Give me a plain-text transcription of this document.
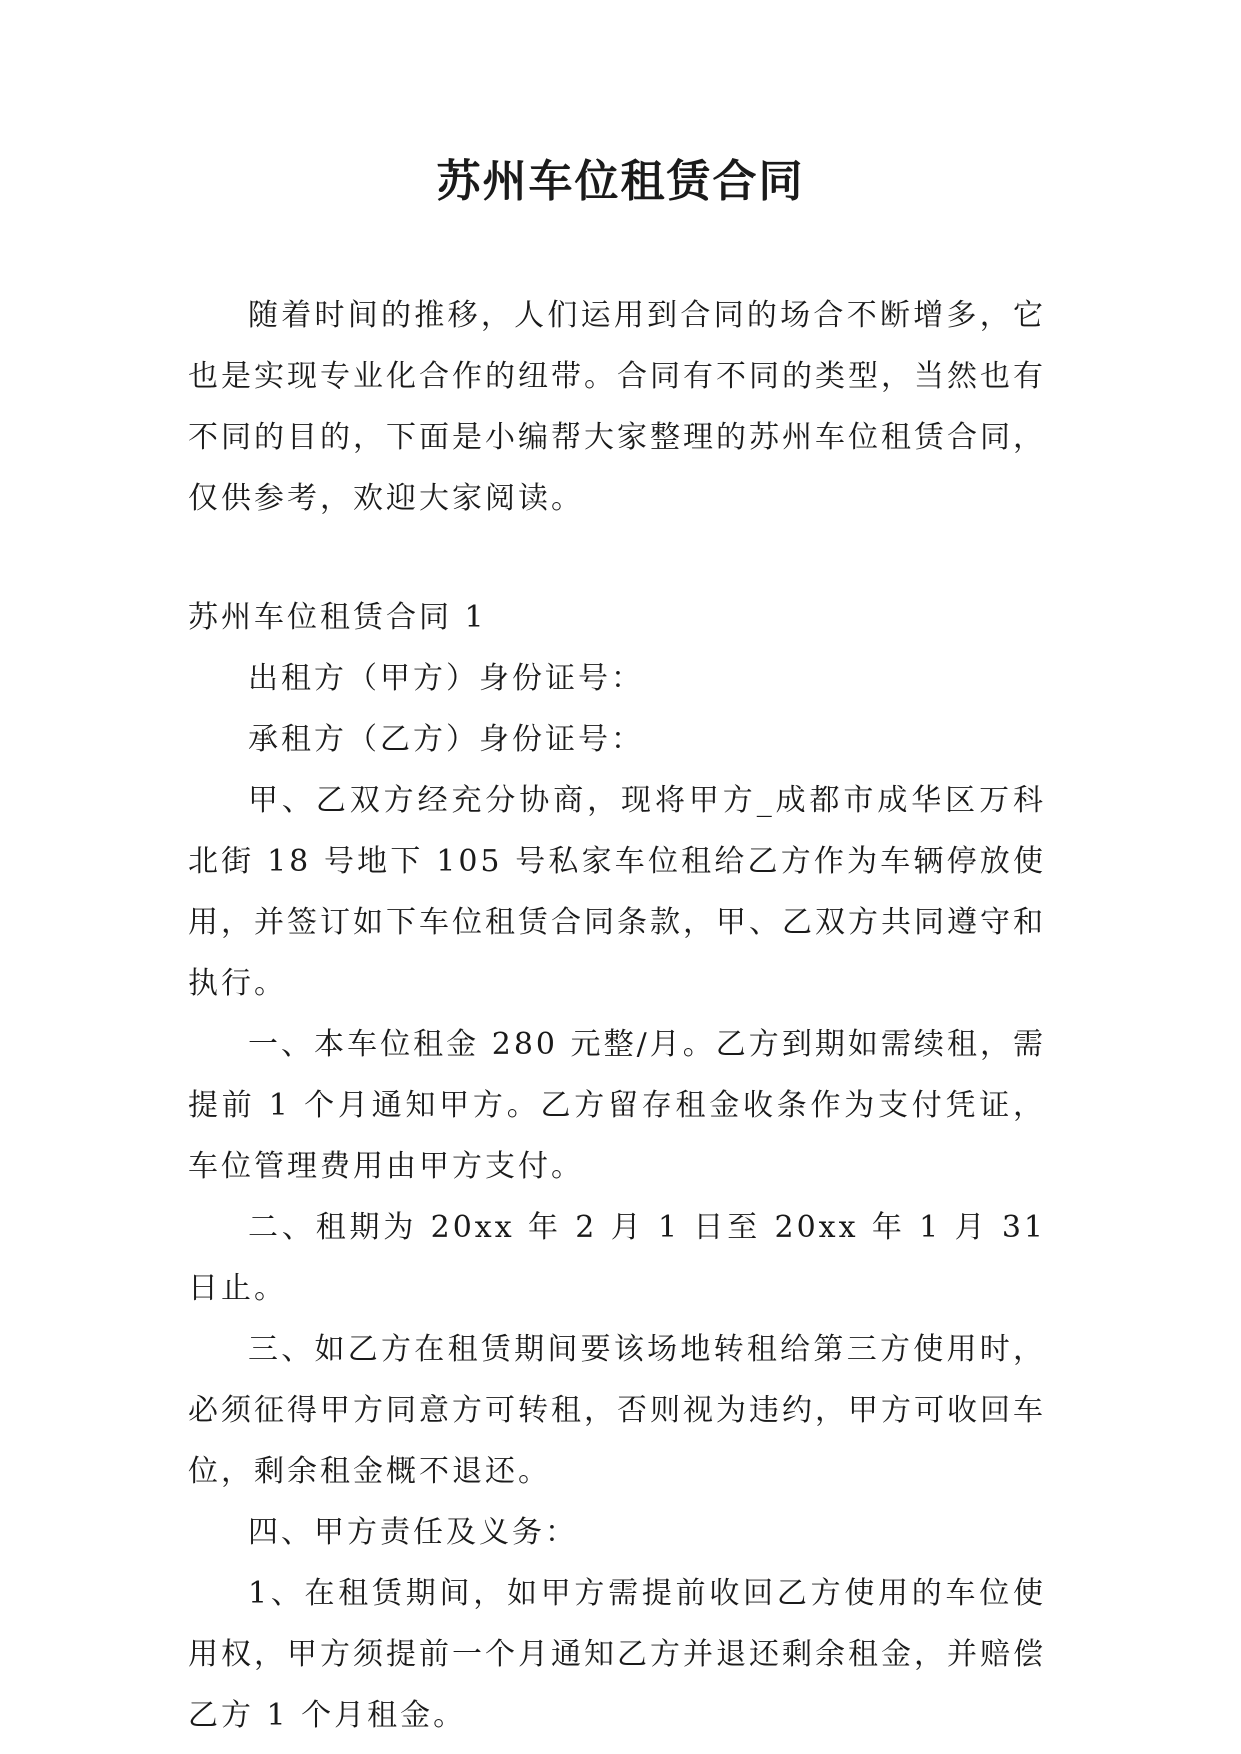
苏州车位租赁合同

随着时间的推移，人们运用到合同的场合不断增多，它也是实现专业化合作的纽带。合同有不同的类型，当然也有不同的目的，下面是小编帮大家整理的苏州车位租赁合同，仅供参考，欢迎大家阅读。

苏州车位租赁合同 1

出租方（甲方）身份证号：

承租方（乙方）身份证号：

甲、乙双方经充分协商，现将甲方_成都市成华区万科北街 18 号地下 105 号私家车位租给乙方作为车辆停放使用，并签订如下车位租赁合同条款，甲、乙双方共同遵守和执行。

一、本车位租金 280 元整/月。乙方到期如需续租，需提前 1 个月通知甲方。乙方留存租金收条作为支付凭证，车位管理费用由甲方支付。

二、租期为 20xx 年 2 月 1 日至 20xx 年 1 月 31 日止。

三、如乙方在租赁期间要该场地转租给第三方使用时，必须征得甲方同意方可转租，否则视为违约，甲方可收回车位，剩余租金概不退还。

四、甲方责任及义务：

1、在租赁期间，如甲方需提前收回乙方使用的车位使用权，甲方须提前一个月通知乙方并退还剩余租金，并赔偿乙方 1 个月租金。
